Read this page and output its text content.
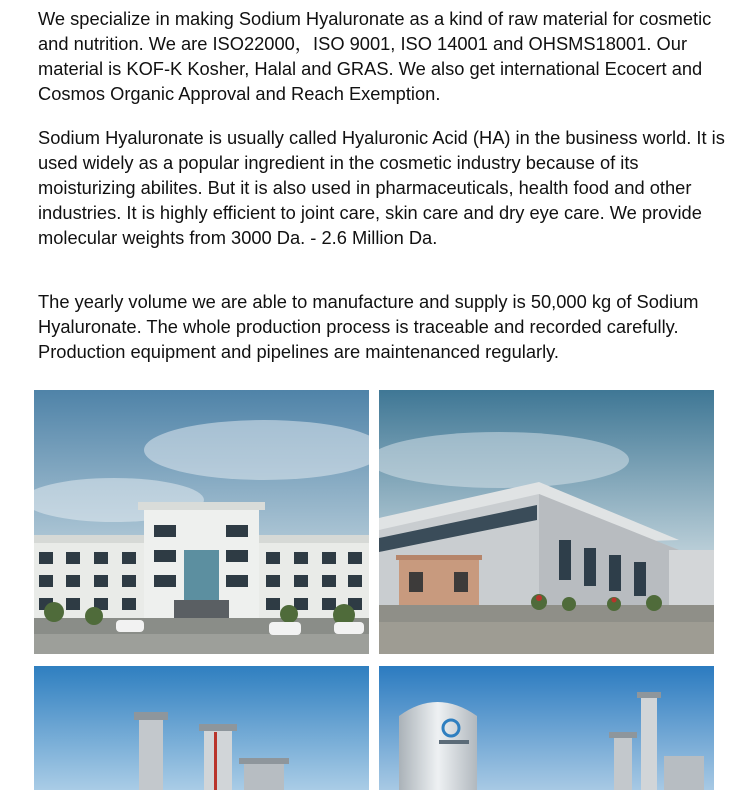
We specialize in making Sodium Hyaluronate as a kind of raw material for cosmetic and nutrition. We are ISO22000，ISO 9001, ISO 14001 and OHSMS18001. Our material is KOF-K Kosher, Halal and GRAS. We also get international Ecocert and Cosmos Organic Approval and Reach Exemption.

Sodium Hyaluronate is usually called Hyaluronic Acid (HA) in the business world. It is used widely as a popular ingredient in the cosmetic industry because of its moisturizing abilites. But it is also used in pharmaceuticals, health food and other industries. It is highly efficient to joint care, skin care and dry eye care. We provide molecular weights from 3000 Da. - 2.6 Million Da.

The yearly volume we are able to manufacture and supply is 50,000 kg of Sodium Hyaluronate. The whole production process is traceable and recorded carefully. Production equipment and pipelines are maintenanced regularly.
